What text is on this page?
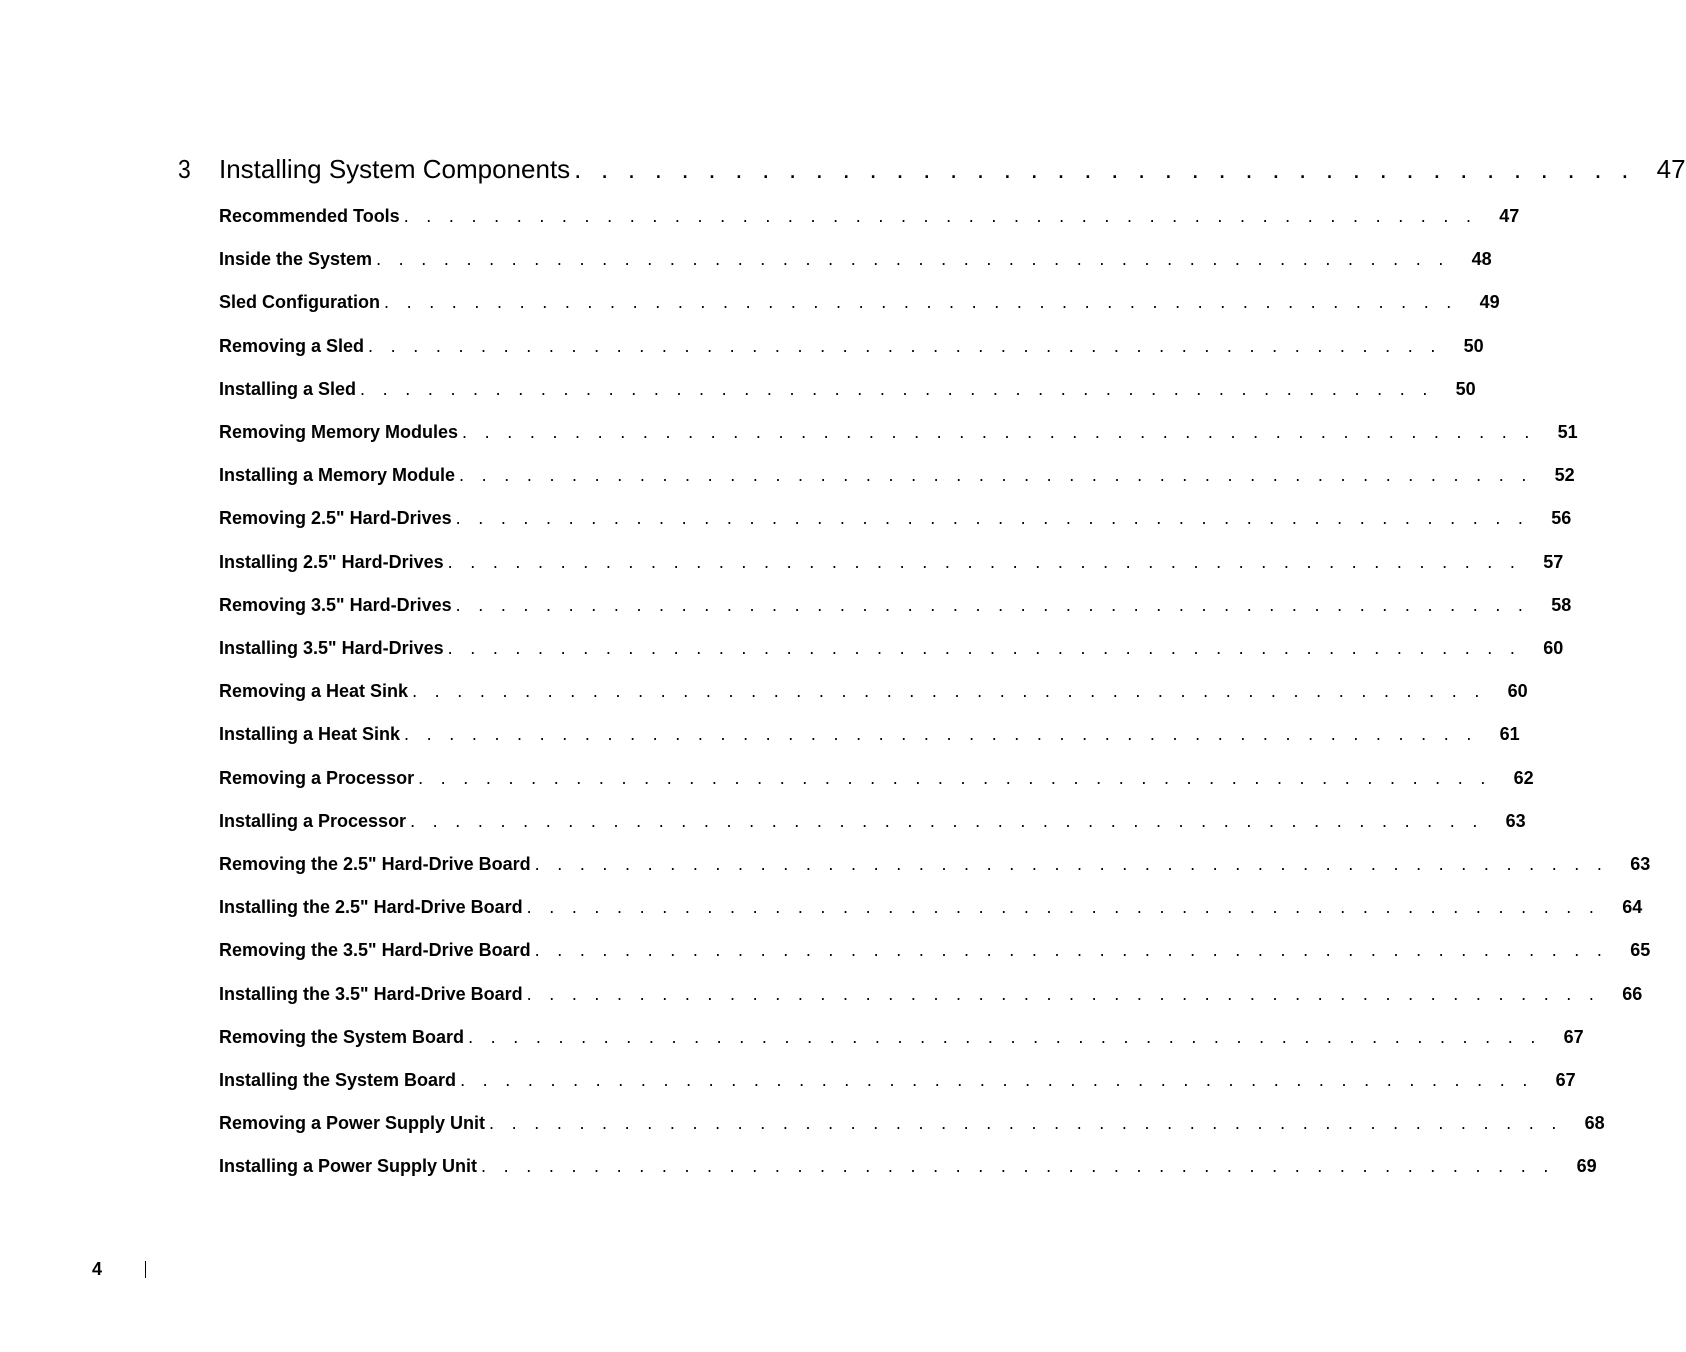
3 Installing System Components . . . . . . . . . . . . . . . . . . . . . . . . . . . . . . . . . . . . . . . . 47
Recommended Tools . . . . . . . . . . . . . . . . . . . . . . . . . . . . . . . . . . . . . . . . . . . . . . . . 47
Inside the System . . . . . . . . . . . . . . . . . . . . . . . . . . . . . . . . . . . . . . . . . . . . . . . . 48
Sled Configuration . . . . . . . . . . . . . . . . . . . . . . . . . . . . . . . . . . . . . . . . . . . . . . . . 49
Removing a Sled . . . . . . . . . . . . . . . . . . . . . . . . . . . . . . . . . . . . . . . . . . . . . . . . 50
Installing a Sled . . . . . . . . . . . . . . . . . . . . . . . . . . . . . . . . . . . . . . . . . . . . . . . . 50
Removing Memory Modules . . . . . . . . . . . . . . . . . . . . . . . . . . . . . . . . . . . . . . . . . . . . . . . . 51
Installing a Memory Module . . . . . . . . . . . . . . . . . . . . . . . . . . . . . . . . . . . . . . . . . . . . . . . . 52
Removing 2.5" Hard-Drives . . . . . . . . . . . . . . . . . . . . . . . . . . . . . . . . . . . . . . . . . . . . . . . . 56
Installing 2.5" Hard-Drives . . . . . . . . . . . . . . . . . . . . . . . . . . . . . . . . . . . . . . . . . . . . . . . . 57
Removing 3.5" Hard-Drives . . . . . . . . . . . . . . . . . . . . . . . . . . . . . . . . . . . . . . . . . . . . . . . . 58
Installing 3.5" Hard-Drives . . . . . . . . . . . . . . . . . . . . . . . . . . . . . . . . . . . . . . . . . . . . . . . . 60
Removing a Heat Sink . . . . . . . . . . . . . . . . . . . . . . . . . . . . . . . . . . . . . . . . . . . . . . . . 60
Installing a Heat Sink . . . . . . . . . . . . . . . . . . . . . . . . . . . . . . . . . . . . . . . . . . . . . . . . 61
Removing a Processor . . . . . . . . . . . . . . . . . . . . . . . . . . . . . . . . . . . . . . . . . . . . . . . . 62
Installing a Processor . . . . . . . . . . . . . . . . . . . . . . . . . . . . . . . . . . . . . . . . . . . . . . . . 63
Removing the 2.5" Hard-Drive Board . . . . . . . . . . . . . . . . . . . . . . . . . . . . . . . . . . . . . . . . . . . . . . . . 63
Installing the 2.5" Hard-Drive Board . . . . . . . . . . . . . . . . . . . . . . . . . . . . . . . . . . . . . . . . . . . . . . . . 64
Removing the 3.5" Hard-Drive Board . . . . . . . . . . . . . . . . . . . . . . . . . . . . . . . . . . . . . . . . . . . . . . . . 65
Installing the 3.5" Hard-Drive Board . . . . . . . . . . . . . . . . . . . . . . . . . . . . . . . . . . . . . . . . . . . . . . . . 66
Removing the System Board . . . . . . . . . . . . . . . . . . . . . . . . . . . . . . . . . . . . . . . . . . . . . . . . 67
Installing the System Board . . . . . . . . . . . . . . . . . . . . . . . . . . . . . . . . . . . . . . . . . . . . . . . . 67
Removing a Power Supply Unit . . . . . . . . . . . . . . . . . . . . . . . . . . . . . . . . . . . . . . . . . . . . . . . . 68
Installing a Power Supply Unit . . . . . . . . . . . . . . . . . . . . . . . . . . . . . . . . . . . . . . . . . . . . . . . . 69
4
